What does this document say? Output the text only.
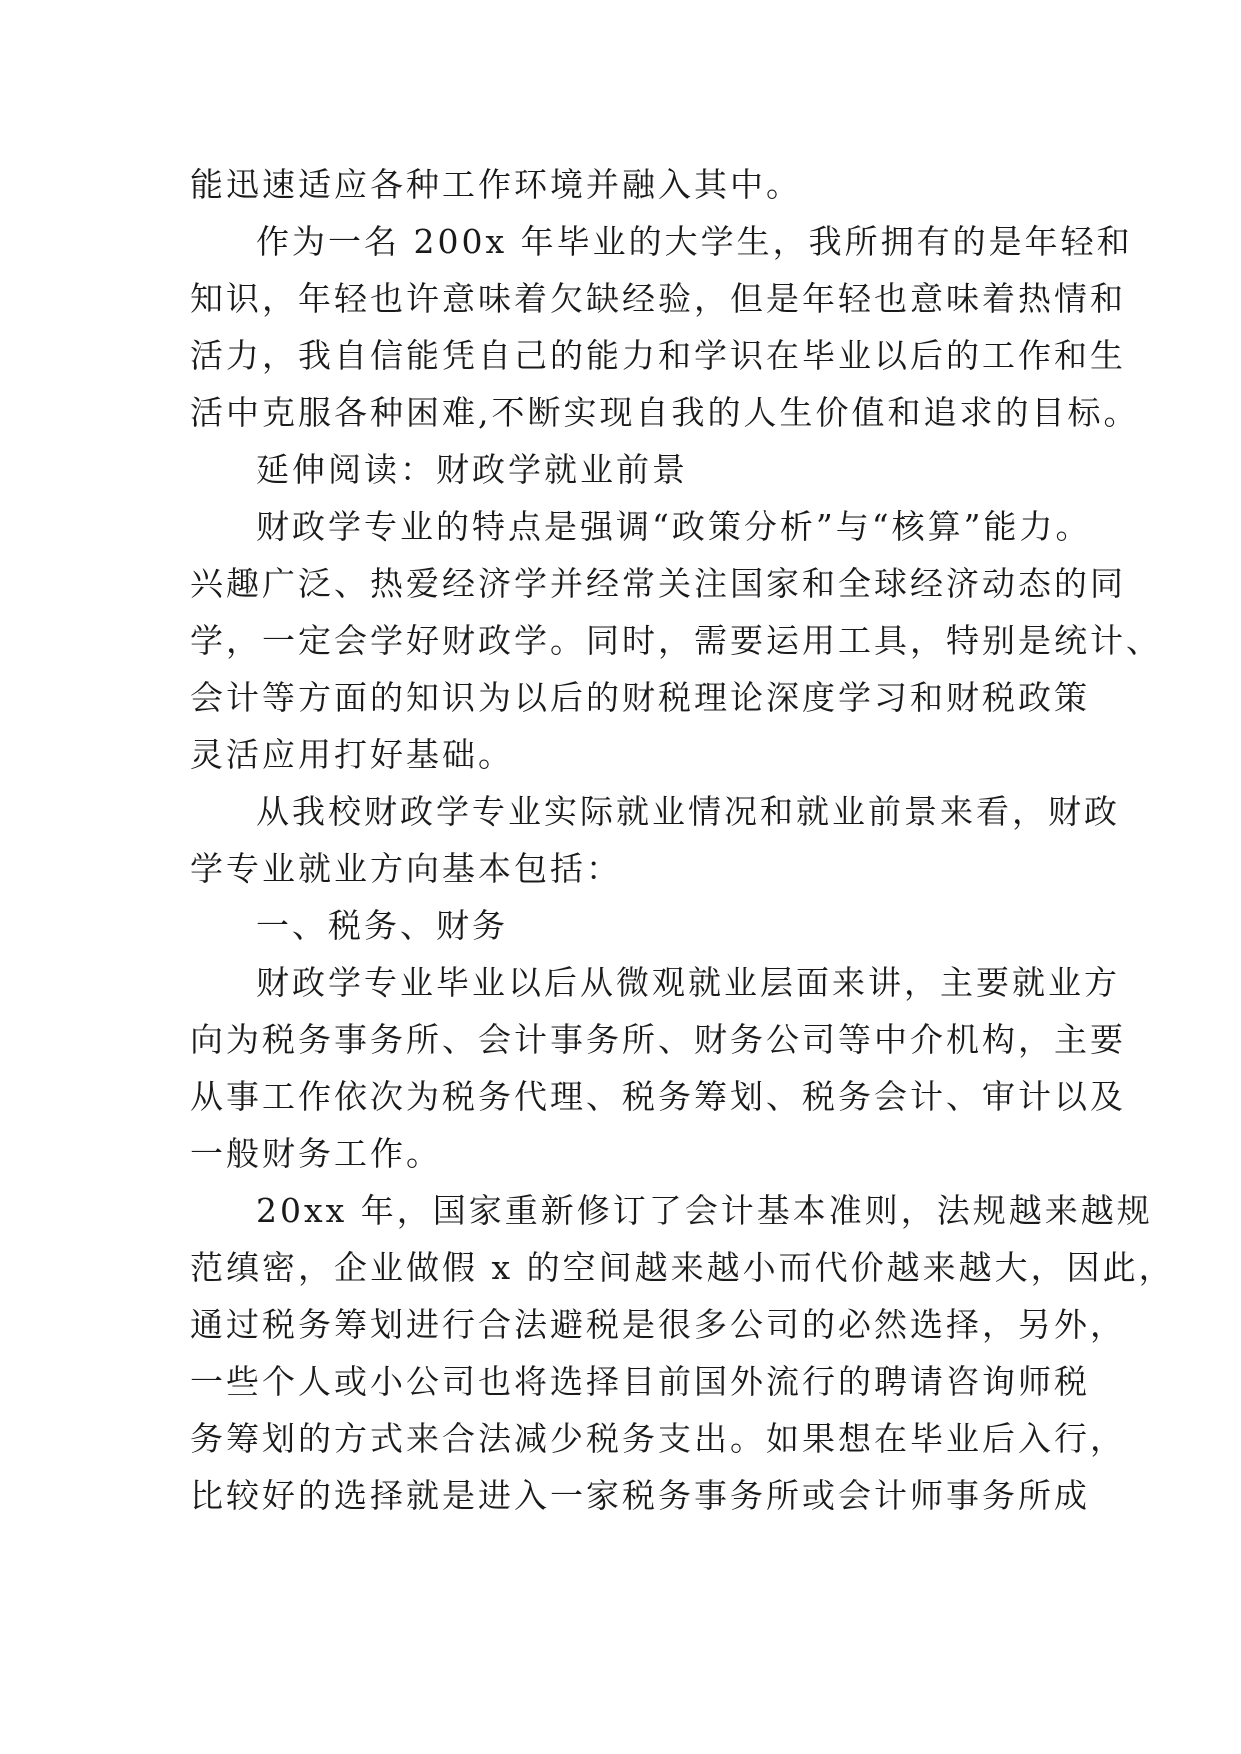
能迅速适应各种工作环境并融入其中。

作为一名 200x 年毕业的大学生，我所拥有的是年轻和

知识，年轻也许意味着欠缺经验，但是年轻也意味着热情和

活力，我自信能凭自己的能力和学识在毕业以后的工作和生

活中克服各种困难,不断实现自我的人生价值和追求的目标。

延伸阅读：财政学就业前景

财政学专业的特点是强调“政策分析”与“核算”能力。

兴趣广泛、热爱经济学并经常关注国家和全球经济动态的同

学，一定会学好财政学。同时，需要运用工具，特别是统计、

会计等方面的知识为以后的财税理论深度学习和财税政策

灵活应用打好基础。

从我校财政学专业实际就业情况和就业前景来看，财政

学专业就业方向基本包括：

一、税务、财务

财政学专业毕业以后从微观就业层面来讲，主要就业方

向为税务事务所、会计事务所、财务公司等中介机构，主要

从事工作依次为税务代理、税务筹划、税务会计、审计以及

一般财务工作。

20xx 年，国家重新修订了会计基本准则，法规越来越规

范缜密，企业做假 x 的空间越来越小而代价越来越大，因此，

通过税务筹划进行合法避税是很多公司的必然选择，另外，

一些个人或小公司也将选择目前国外流行的聘请咨询师税

务筹划的方式来合法减少税务支出。如果想在毕业后入行，

比较好的选择就是进入一家税务事务所或会计师事务所成
